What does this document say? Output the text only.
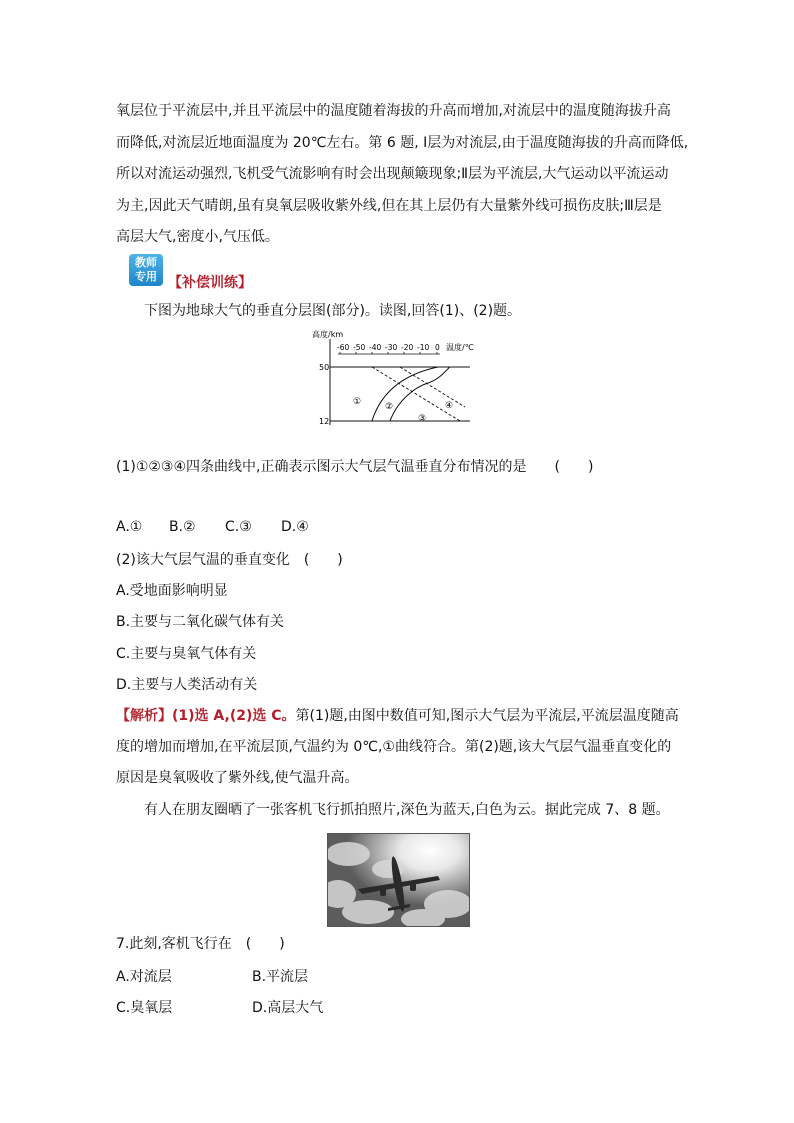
氧层位于平流层中,并且平流层中的温度随着海拔的升高而增加,对流层中的温度随海拔升高
而降低,对流层近地面温度为 20℃左右。第 6 题, Ⅰ层为对流层,由于温度随海拔的升高而降低,
所以对流运动强烈,飞机受气流影响有时会出现颠簸现象;Ⅱ层为平流层,大气运动以平流运动
为主,因此天气晴朗,虽有臭氧层吸收紫外线,但在其上层仍有大量紫外线可损伤皮肤;Ⅲ层是
高层大气,密度小,气压低。
教师
专用 【补偿训练】
下图为地球大气的垂直分层图(部分)。读图,回答(1)、(2)题。
高度/km
50
12
-60 -50 -40 -30 -20 -10 0 温度/℃
①	②
③
④
(1)①②③④四条曲线中,正确表示图示大气层气温垂直分布情况的是　　(　　)
A.① B.② C.③ D.④
(2)该大气层气温的垂直变化　(　　)
A.受地面影响明显
B.主要与二氧化碳气体有关
C.主要与臭氧气体有关
D.主要与人类活动有关
【解析】(1)选 A,(2)选 C。第(1)题,由图中数值可知,图示大气层为平流层,平流层温度随高
度的增加而增加,在平流层顶,气温约为 0℃,①曲线符合。第(2)题,该大气层气温垂直变化的
原因是臭氧吸收了紫外线,使气温升高。
有人在朋友圈晒了一张客机飞行抓拍照片,深色为蓝天,白色为云。据此完成 7、8 题。
7.此刻,客机飞行在　(　　)
A.对流层	B.平流层
C.臭氧层	D.高层大气
